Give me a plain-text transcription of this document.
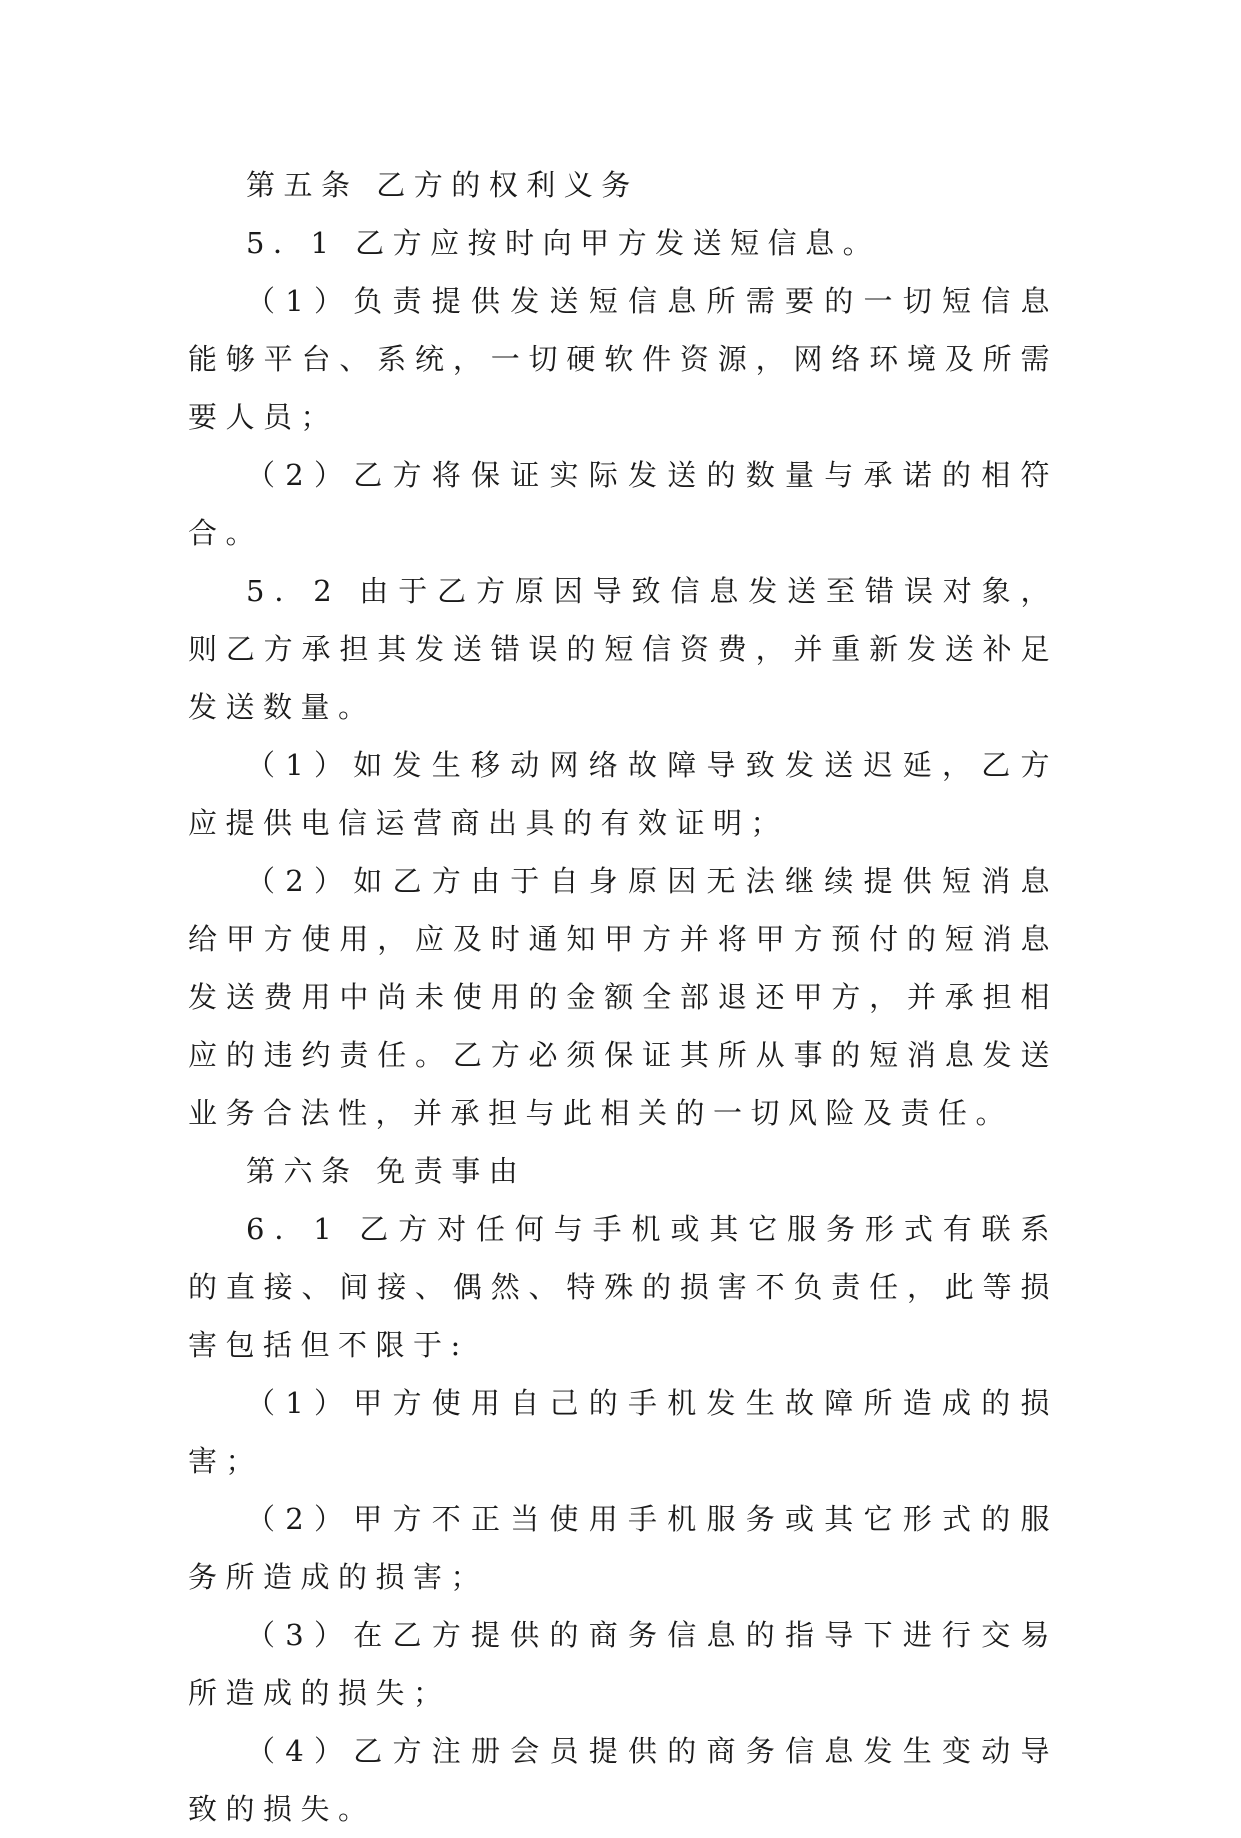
第五条 乙方的权利义务

5．1 乙方应按时向甲方发送短信息。

（1）负责提供发送短信息所需要的一切短信息能够平台、系统，一切硬软件资源，网络环境及所需要人员；

（2）乙方将保证实际发送的数量与承诺的相符合。

5．2 由于乙方原因导致信息发送至错误对象，则乙方承担其发送错误的短信资费，并重新发送补足发送数量。

（1）如发生移动网络故障导致发送迟延，乙方应提供电信运营商出具的有效证明；

（2）如乙方由于自身原因无法继续提供短消息给甲方使用，应及时通知甲方并将甲方预付的短消息发送费用中尚未使用的金额全部退还甲方，并承担相应的违约责任。乙方必须保证其所从事的短消息发送业务合法性，并承担与此相关的一切风险及责任。

第六条 免责事由

6．1 乙方对任何与手机或其它服务形式有联系的直接、间接、偶然、特殊的损害不负责任，此等损害包括但不限于:

（1）甲方使用自己的手机发生故障所造成的损害；

（2）甲方不正当使用手机服务或其它形式的服务所造成的损害；

（3）在乙方提供的商务信息的指导下进行交易所造成的损失；

（4）乙方注册会员提供的商务信息发生变动导致的损失。
